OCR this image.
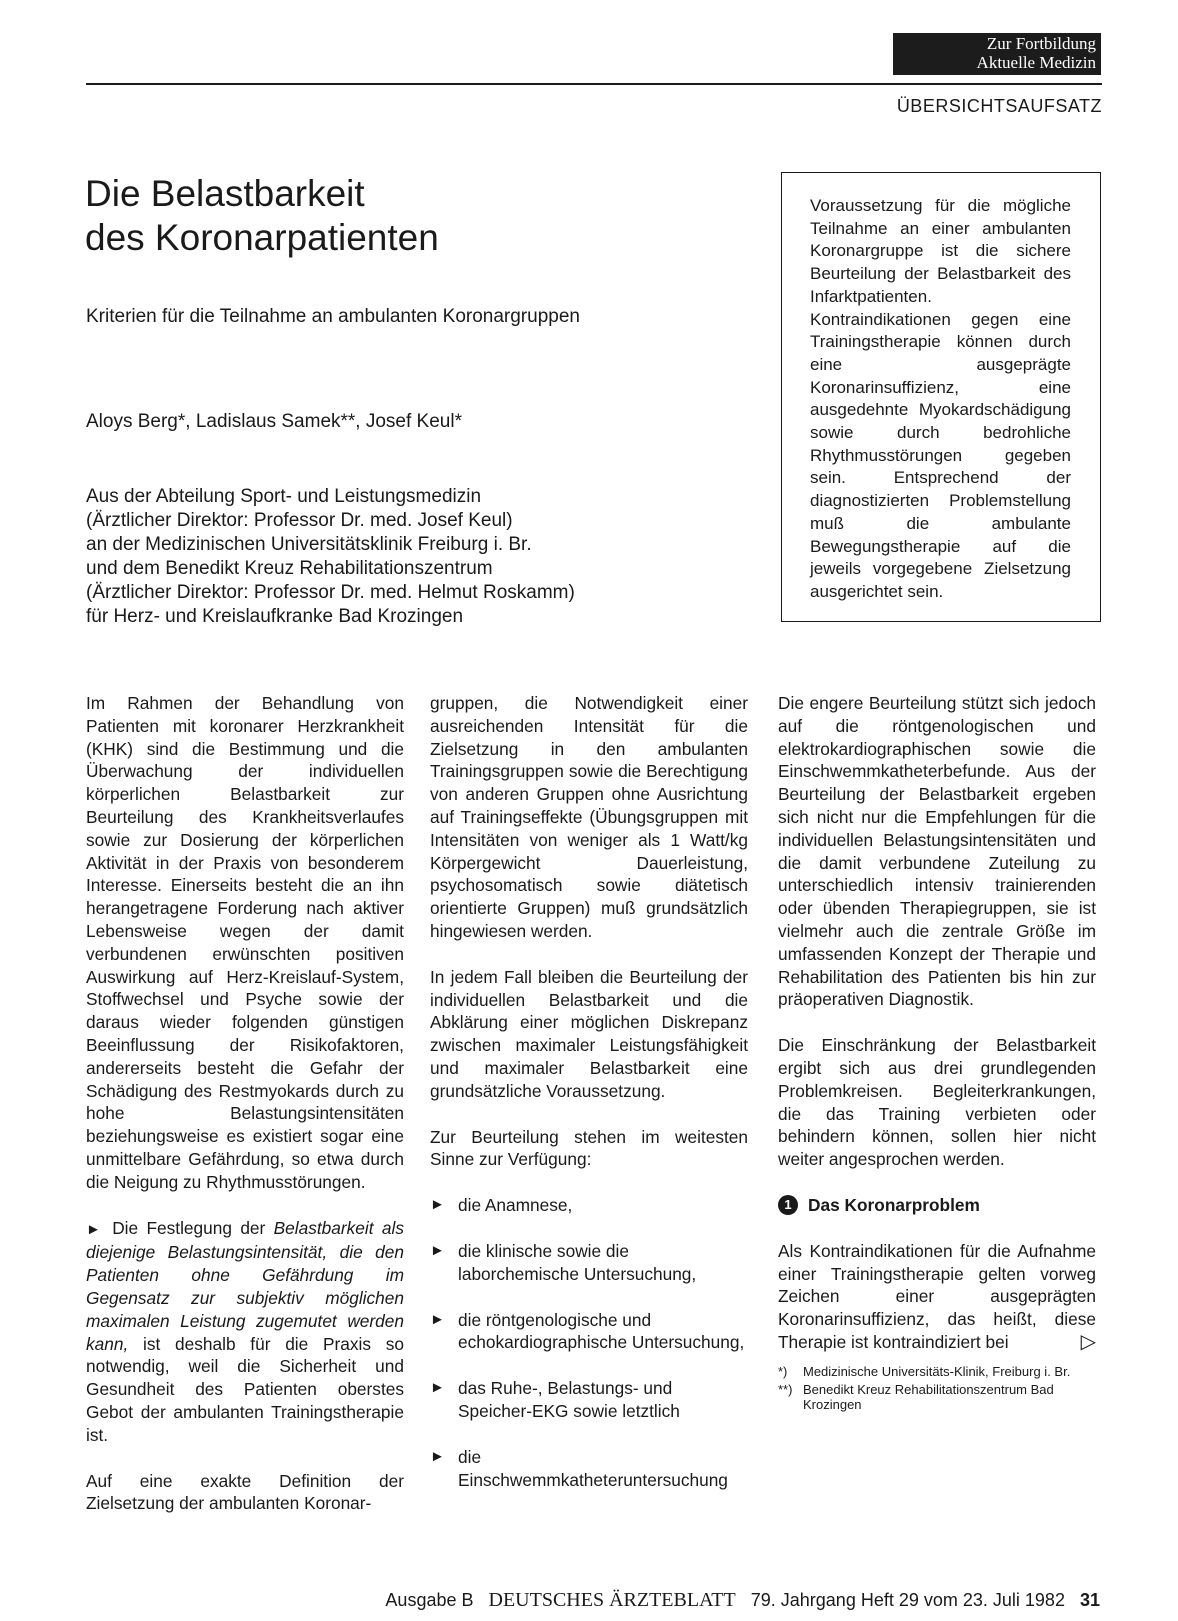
Zur Fortbildung
Aktuelle Medizin
ÜBERSICHTSAUFSATZ
Die Belastbarkeit
des Koronarpatienten
Kriterien für die Teilnahme an ambulanten Koronargruppen
Aloys Berg*, Ladislaus Samek**, Josef Keul*
Aus der Abteilung Sport- und Leistungsmedizin
(Ärztlicher Direktor: Professor Dr. med. Josef Keul)
an der Medizinischen Universitätsklinik Freiburg i. Br.
und dem Benedikt Kreuz Rehabilitationszentrum
(Ärztlicher Direktor: Professor Dr. med. Helmut Roskamm)
für Herz- und Kreislaufkranke Bad Krozingen
Voraussetzung für die mögliche Teilnahme an einer ambulanten Koronargruppe ist die sichere Beurteilung der Belastbarkeit des Infarktpatienten. Kontraindikationen gegen eine Trainingstherapie können durch eine ausgeprägte Koronarinsuffizienz, eine ausgedehnte Myokardschädigung sowie durch bedrohliche Rhythmusstörungen gegeben sein. Entsprechend der diagnostizierten Problemstellung muß die ambulante Bewegungstherapie auf die jeweils vorgegebene Zielsetzung ausgerichtet sein.

Im Rahmen der Behandlung von Patienten mit koronarer Herzkrankheit (KHK) sind die Bestimmung und die Überwachung der individuellen körperlichen Belastbarkeit zur Beurteilung des Krankheitsverlaufes sowie zur Dosierung der körperlichen Aktivität in der Praxis von besonderem Interesse. Einerseits besteht die an ihn herangetragene Forderung nach aktiver Lebensweise wegen der damit verbundenen erwünschten positiven Auswirkung auf Herz-Kreislauf-System, Stoffwechsel und Psyche sowie der daraus wieder folgenden günstigen Beeinflussung der Risikofaktoren, andererseits besteht die Gefahr der Schädigung des Restmyokards durch zu hohe Belastungsintensitäten beziehungsweise es existiert sogar eine unmittelbare Gefährdung, so etwa durch die Neigung zu Rhythmusstörungen.

► Die Festlegung der Belastbarkeit als diejenige Belastungsintensität, die den Patienten ohne Gefährdung im Gegensatz zur subjektiv möglichen maximalen Leistung zugemutet werden kann, ist deshalb für die Praxis so notwendig, weil die Sicherheit und Gesundheit des Patienten oberstes Gebot der ambulanten Trainingstherapie ist.

Auf eine exakte Definition der Zielsetzung der ambulanten Koronar-

gruppen, die Notwendigkeit einer ausreichenden Intensität für die Zielsetzung in den ambulanten Trainingsgruppen sowie die Berechtigung von anderen Gruppen ohne Ausrichtung auf Trainingseffekte (Übungsgruppen mit Intensitäten von weniger als 1 Watt/kg Körpergewicht Dauerleistung, psychosomatisch sowie diätetisch orientierte Gruppen) muß grundsätzlich hingewiesen werden.

In jedem Fall bleiben die Beurteilung der individuellen Belastbarkeit und die Abklärung einer möglichen Diskrepanz zwischen maximaler Leistungsfähigkeit und maximaler Belastbarkeit eine grundsätzliche Voraussetzung.

Zur Beurteilung stehen im weitesten Sinne zur Verfügung:

► die Anamnese,
► die klinische sowie die laborchemische Untersuchung,
► die röntgenologische und echokardiographische Untersuchung,
► das Ruhe-, Belastungs- und Speicher-EKG sowie letztlich
► die Einschwemmkatheteruntersuchung

Die engere Beurteilung stützt sich jedoch auf die röntgenologischen und elektrokardiographischen sowie die Einschwemmkatheterbefunde. Aus der Beurteilung der Belastbarkeit ergeben sich nicht nur die Empfehlungen für die individuellen Belastungsintensitäten und die damit verbundene Zuteilung zu unterschiedlich intensiv trainierenden oder übenden Therapiegruppen, sie ist vielmehr auch die zentrale Größe im umfassenden Konzept der Therapie und Rehabilitation des Patienten bis hin zur präoperativen Diagnostik.

Die Einschränkung der Belastbarkeit ergibt sich aus drei grundlegenden Problemkreisen. Begleiterkrankungen, die das Training verbieten oder behindern können, sollen hier nicht weiter angesprochen werden.

1 Das Koronarproblem

Als Kontraindikationen für die Aufnahme einer Trainingstherapie gelten vorweg Zeichen einer ausgeprägten Koronarinsuffizienz, das heißt, diese Therapie ist kontraindiziert bei	▷

*)	Medizinische Universitäts-Klinik, Freiburg i. Br.
**) Benedikt Kreuz Rehabilitationszentrum Bad Krozingen
Ausgabe B DEUTSCHES ÄRZTEBLATT 79. Jahrgang Heft 29 vom 23. Juli 1982 31
